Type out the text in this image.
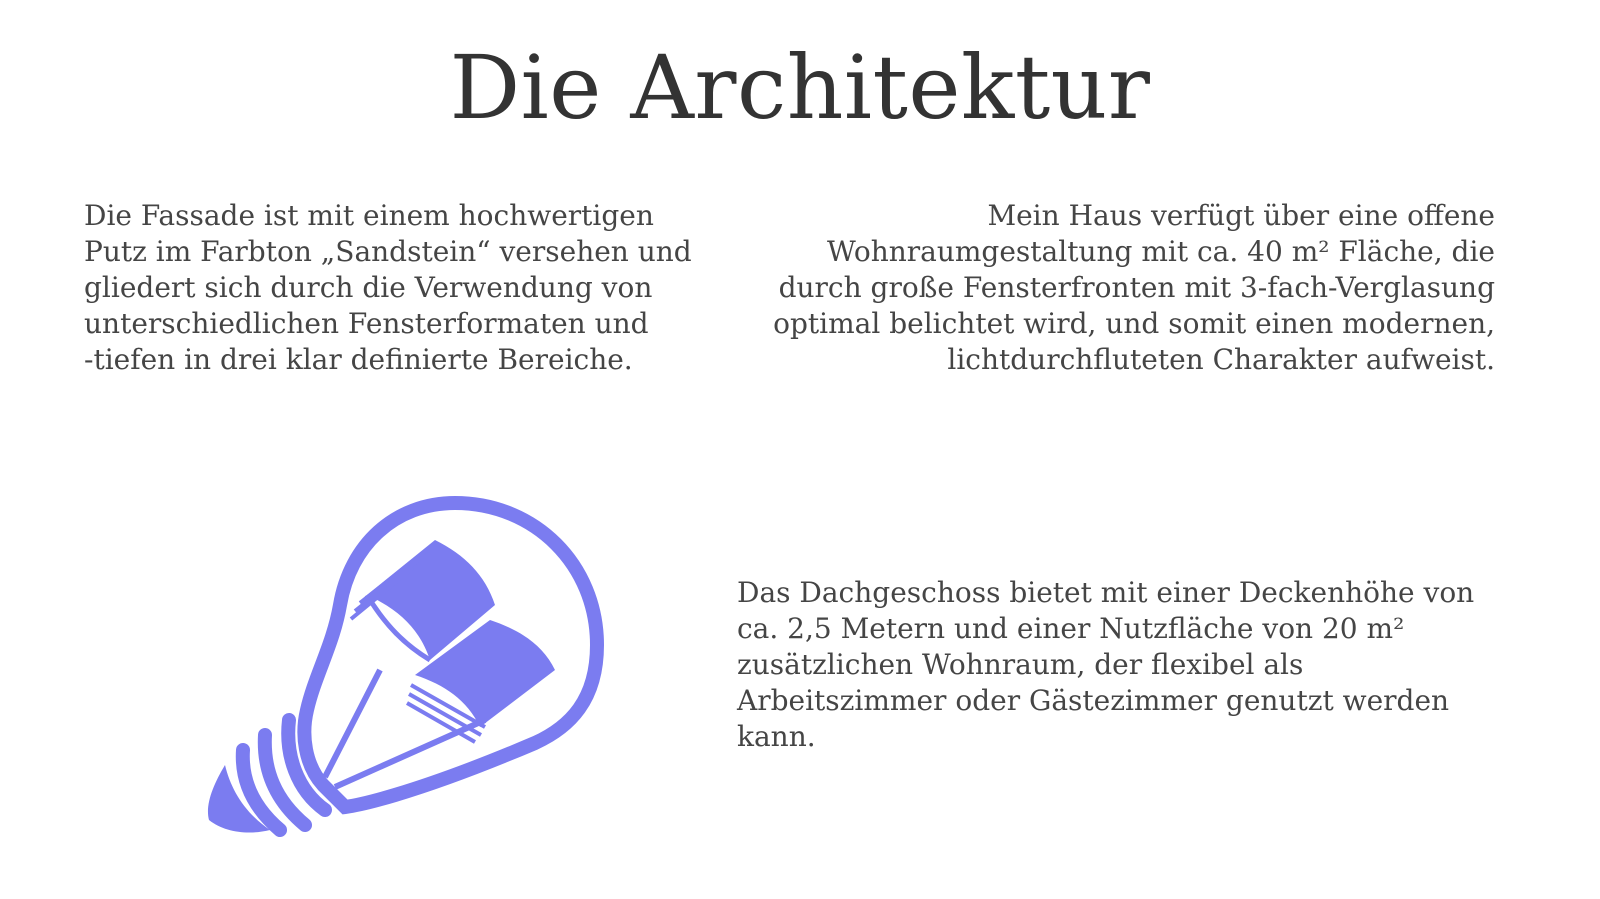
Die Architektur

Die Fassade ist mit einem hochwertigen
Putz im Farbton „Sandstein“ versehen und
gliedert sich durch die Verwendung von
unterschiedlichen Fensterformaten und
-tiefen in drei klar definierte Bereiche.

Mein Haus verfügt über eine offene
Wohnraumgestaltung mit ca. 40 m² Fläche, die
durch große Fensterfronten mit 3-fach-Verglasung
optimal belichtet wird, und somit einen modernen,
lichtdurchfluteten Charakter aufweist.

Das Dachgeschoss bietet mit einer Deckenhöhe von
ca. 2,5 Metern und einer Nutzfläche von 20 m²
zusätzlichen Wohnraum, der flexibel als
Arbeitszimmer oder Gästezimmer genutzt werden
kann.
